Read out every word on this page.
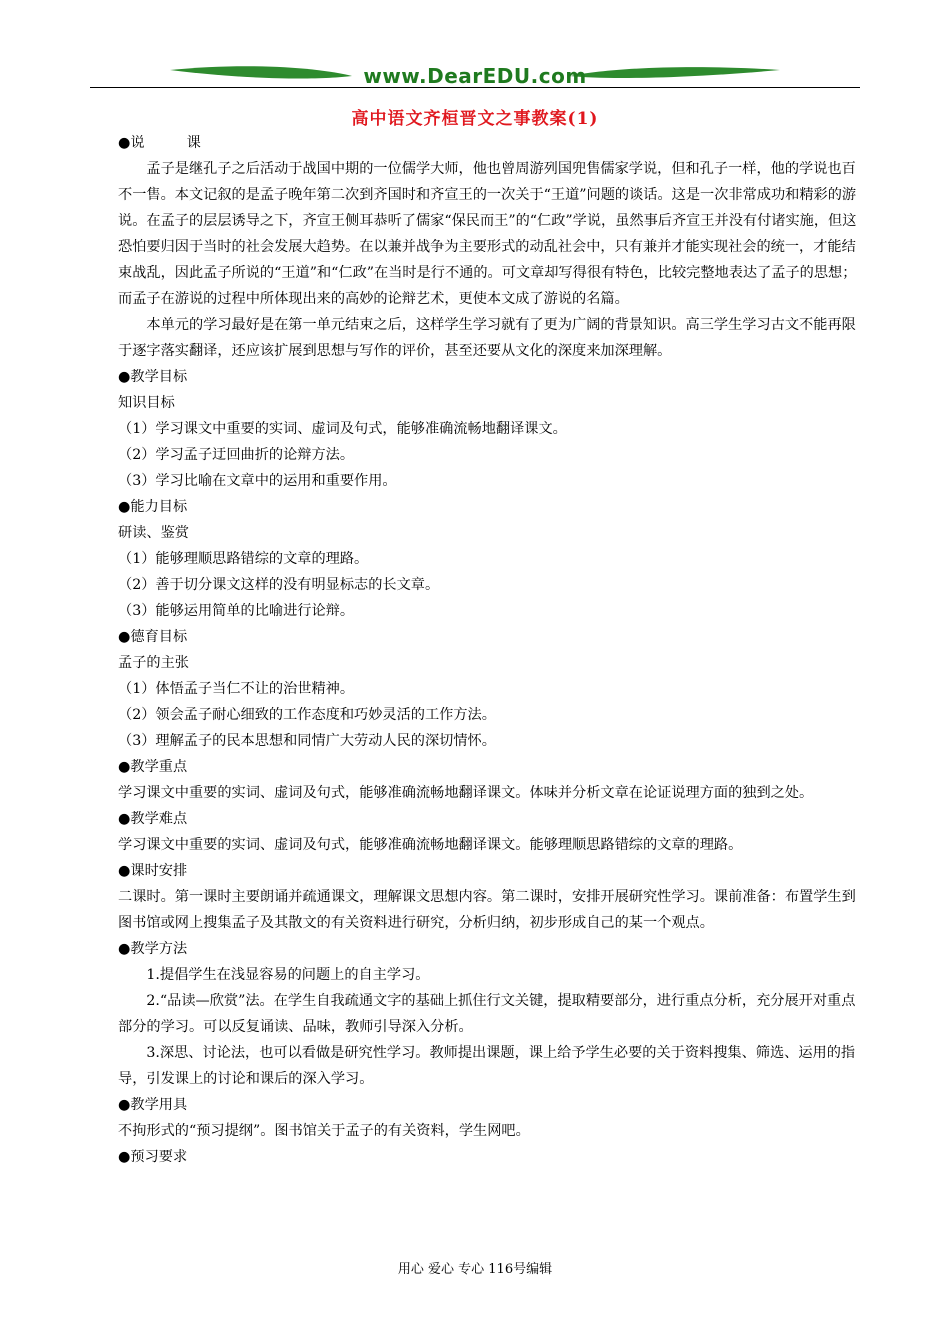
www.DearEDU.com
高中语文齐桓晋文之事教案(1)

●说	课

孟子是继孔子之后活动于战国中期的一位儒学大师，他也曾周游列国兜售儒家学说，但和孔子一样，他的学说也百不一售。本文记叙的是孟子晚年第二次到齐国时和齐宣王的一次关于“王道”问题的谈话。这是一次非常成功和精彩的游说。在孟子的层层诱导之下，齐宣王侧耳恭听了儒家“保民而王”的“仁政”学说，虽然事后齐宣王并没有付诸实施，但这恐怕要归因于当时的社会发展大趋势。在以兼并战争为主要形式的动乱社会中，只有兼并才能实现社会的统一，才能结束战乱，因此孟子所说的“王道”和“仁政”在当时是行不通的。可文章却写得很有特色，比较完整地表达了孟子的思想；而孟子在游说的过程中所体现出来的高妙的论辩艺术，更使本文成了游说的名篇。

本单元的学习最好是在第一单元结束之后，这样学生学习就有了更为广阔的背景知识。高三学生学习古文不能再限于逐字落实翻译，还应该扩展到思想与写作的评价，甚至还要从文化的深度来加深理解。

●教学目标

知识目标

（1）学习课文中重要的实词、虚词及句式，能够准确流畅地翻译课文。

（2）学习孟子迂回曲折的论辩方法。

（3）学习比喻在文章中的运用和重要作用。

●能力目标

研读、鉴赏

（1）能够理顺思路错综的文章的理路。

（2）善于切分课文这样的没有明显标志的长文章。

（3）能够运用简单的比喻进行论辩。

●德育目标

孟子的主张

（1）体悟孟子当仁不让的治世精神。

（2）领会孟子耐心细致的工作态度和巧妙灵活的工作方法。

（3）理解孟子的民本思想和同情广大劳动人民的深切情怀。

●教学重点

学习课文中重要的实词、虚词及句式，能够准确流畅地翻译课文。体味并分析文章在论证说理方面的独到之处。

●教学难点

学习课文中重要的实词、虚词及句式，能够准确流畅地翻译课文。能够理顺思路错综的文章的理路。

●课时安排

二课时。第一课时主要朗诵并疏通课文，理解课文思想内容。第二课时，安排开展研究性学习。课前准备：布置学生到图书馆或网上搜集孟子及其散文的有关资料进行研究，分析归纳，初步形成自己的某一个观点。

●教学方法

1.提倡学生在浅显容易的问题上的自主学习。

2.“品读—欣赏”法。在学生自我疏通文字的基础上抓住行文关键，提取精要部分，进行重点分析，充分展开对重点部分的学习。可以反复诵读、品味，教师引导深入分析。

3.深思、讨论法，也可以看做是研究性学习。教师提出课题，课上给予学生必要的关于资料搜集、筛选、运用的指导，引发课上的讨论和课后的深入学习。

●教学用具

不拘形式的“预习提纲”。图书馆关于孟子的有关资料，学生网吧。

●预习要求

用心 爱心 专心 116号编辑
